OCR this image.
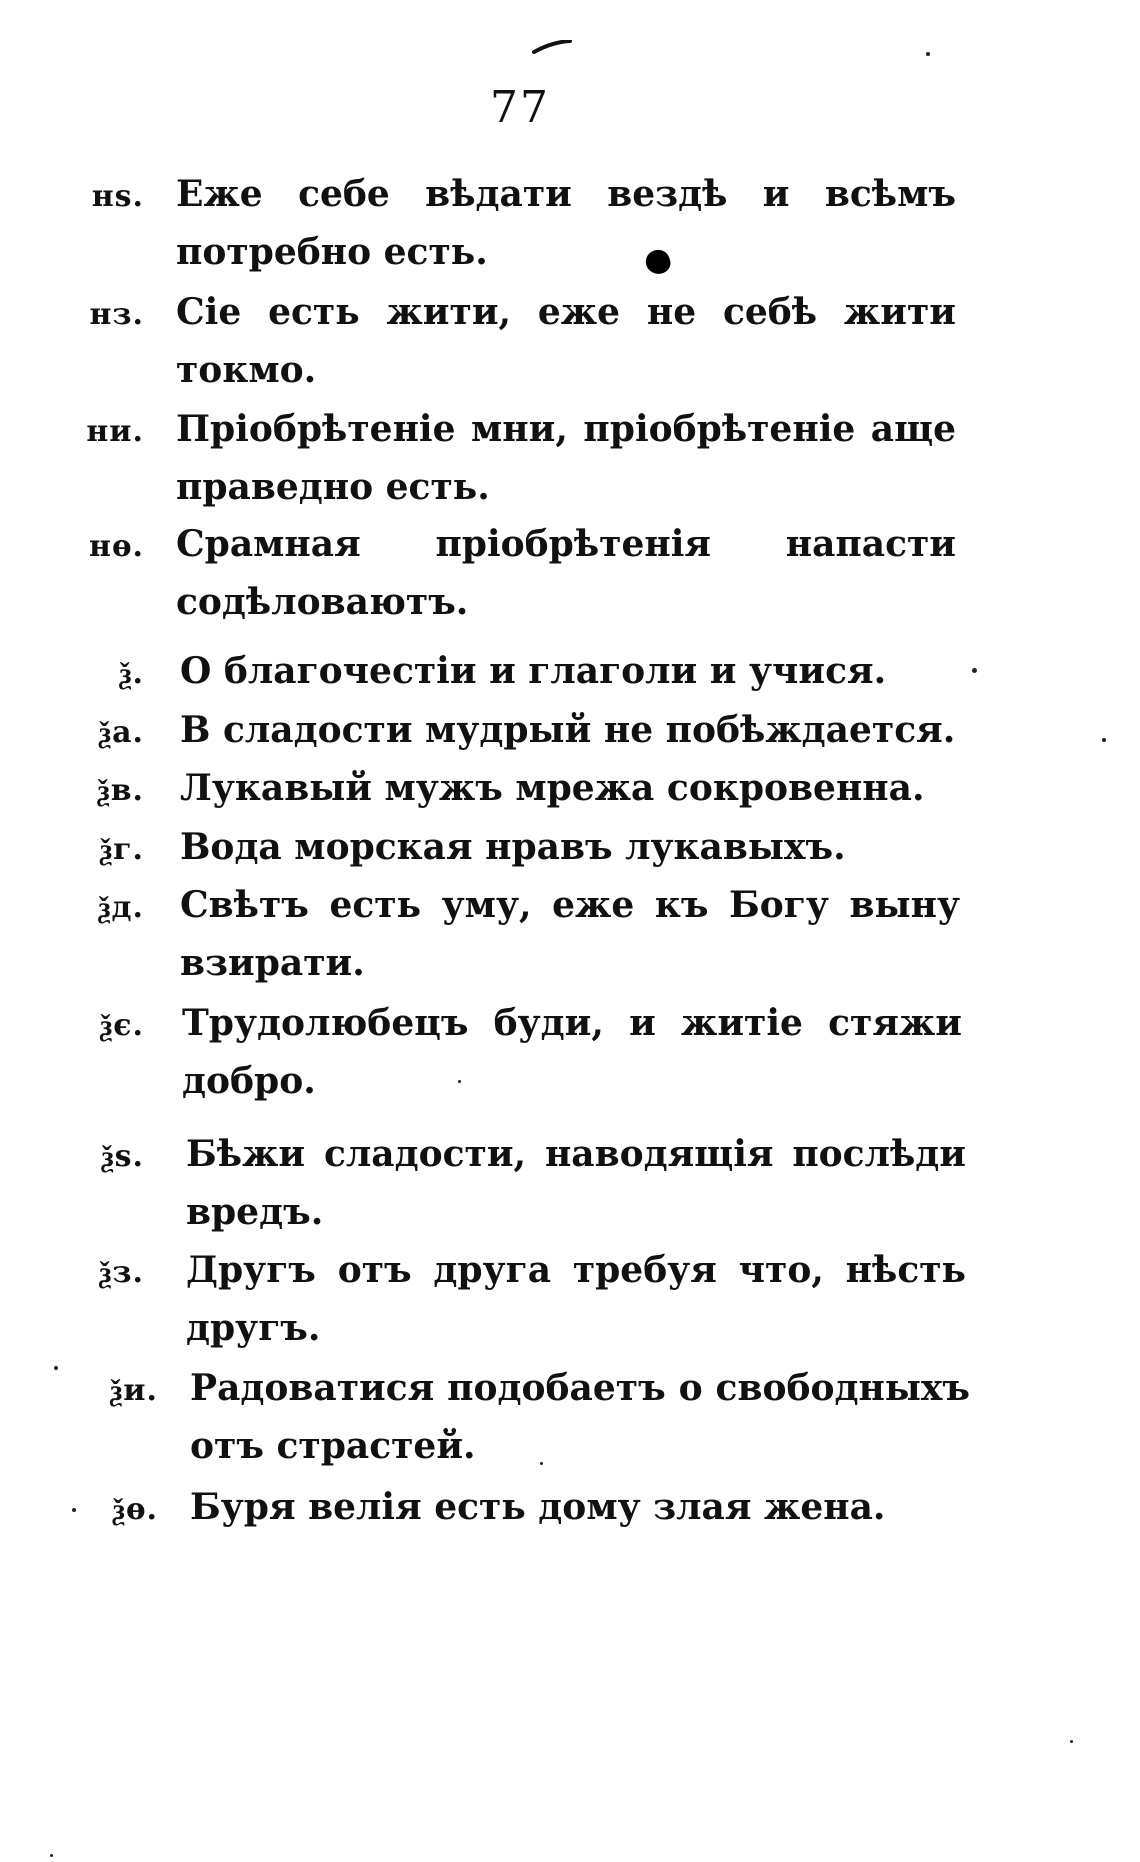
77
нѕ. Еже себе вѣдати вездѣ и всѣмъ потребно есть.
нз. Сіе есть жити, еже не себѣ жити токмо.
ни. Пріобрѣтеніе мни, пріобрѣтеніе аще праведно есть.
нѳ. Срамная пріобрѣтенія напасти содѣловаютъ.
ѯ. О благочестіи и глаголи и учися.
ѯа. В сладости мудрый не побѣждается.
ѯв. Лукавый мужъ мрежа сокровенна.
ѯг. Вода морская нравъ лукавыхъ.
ѯд. Свѣтъ есть уму, еже къ Богу выну взирати.
ѯє. Трудолюбецъ буди, и житіе стяжи добро.
ѯѕ. Бѣжи сладости, наводящія послѣди вредъ.
ѯз. Другъ отъ друга требуя что, нѣсть другъ.
ѯи. Радоватися подобаетъ о свободныхъ отъ страстей.
ѯѳ. Буря велія есть дому злая жена.
